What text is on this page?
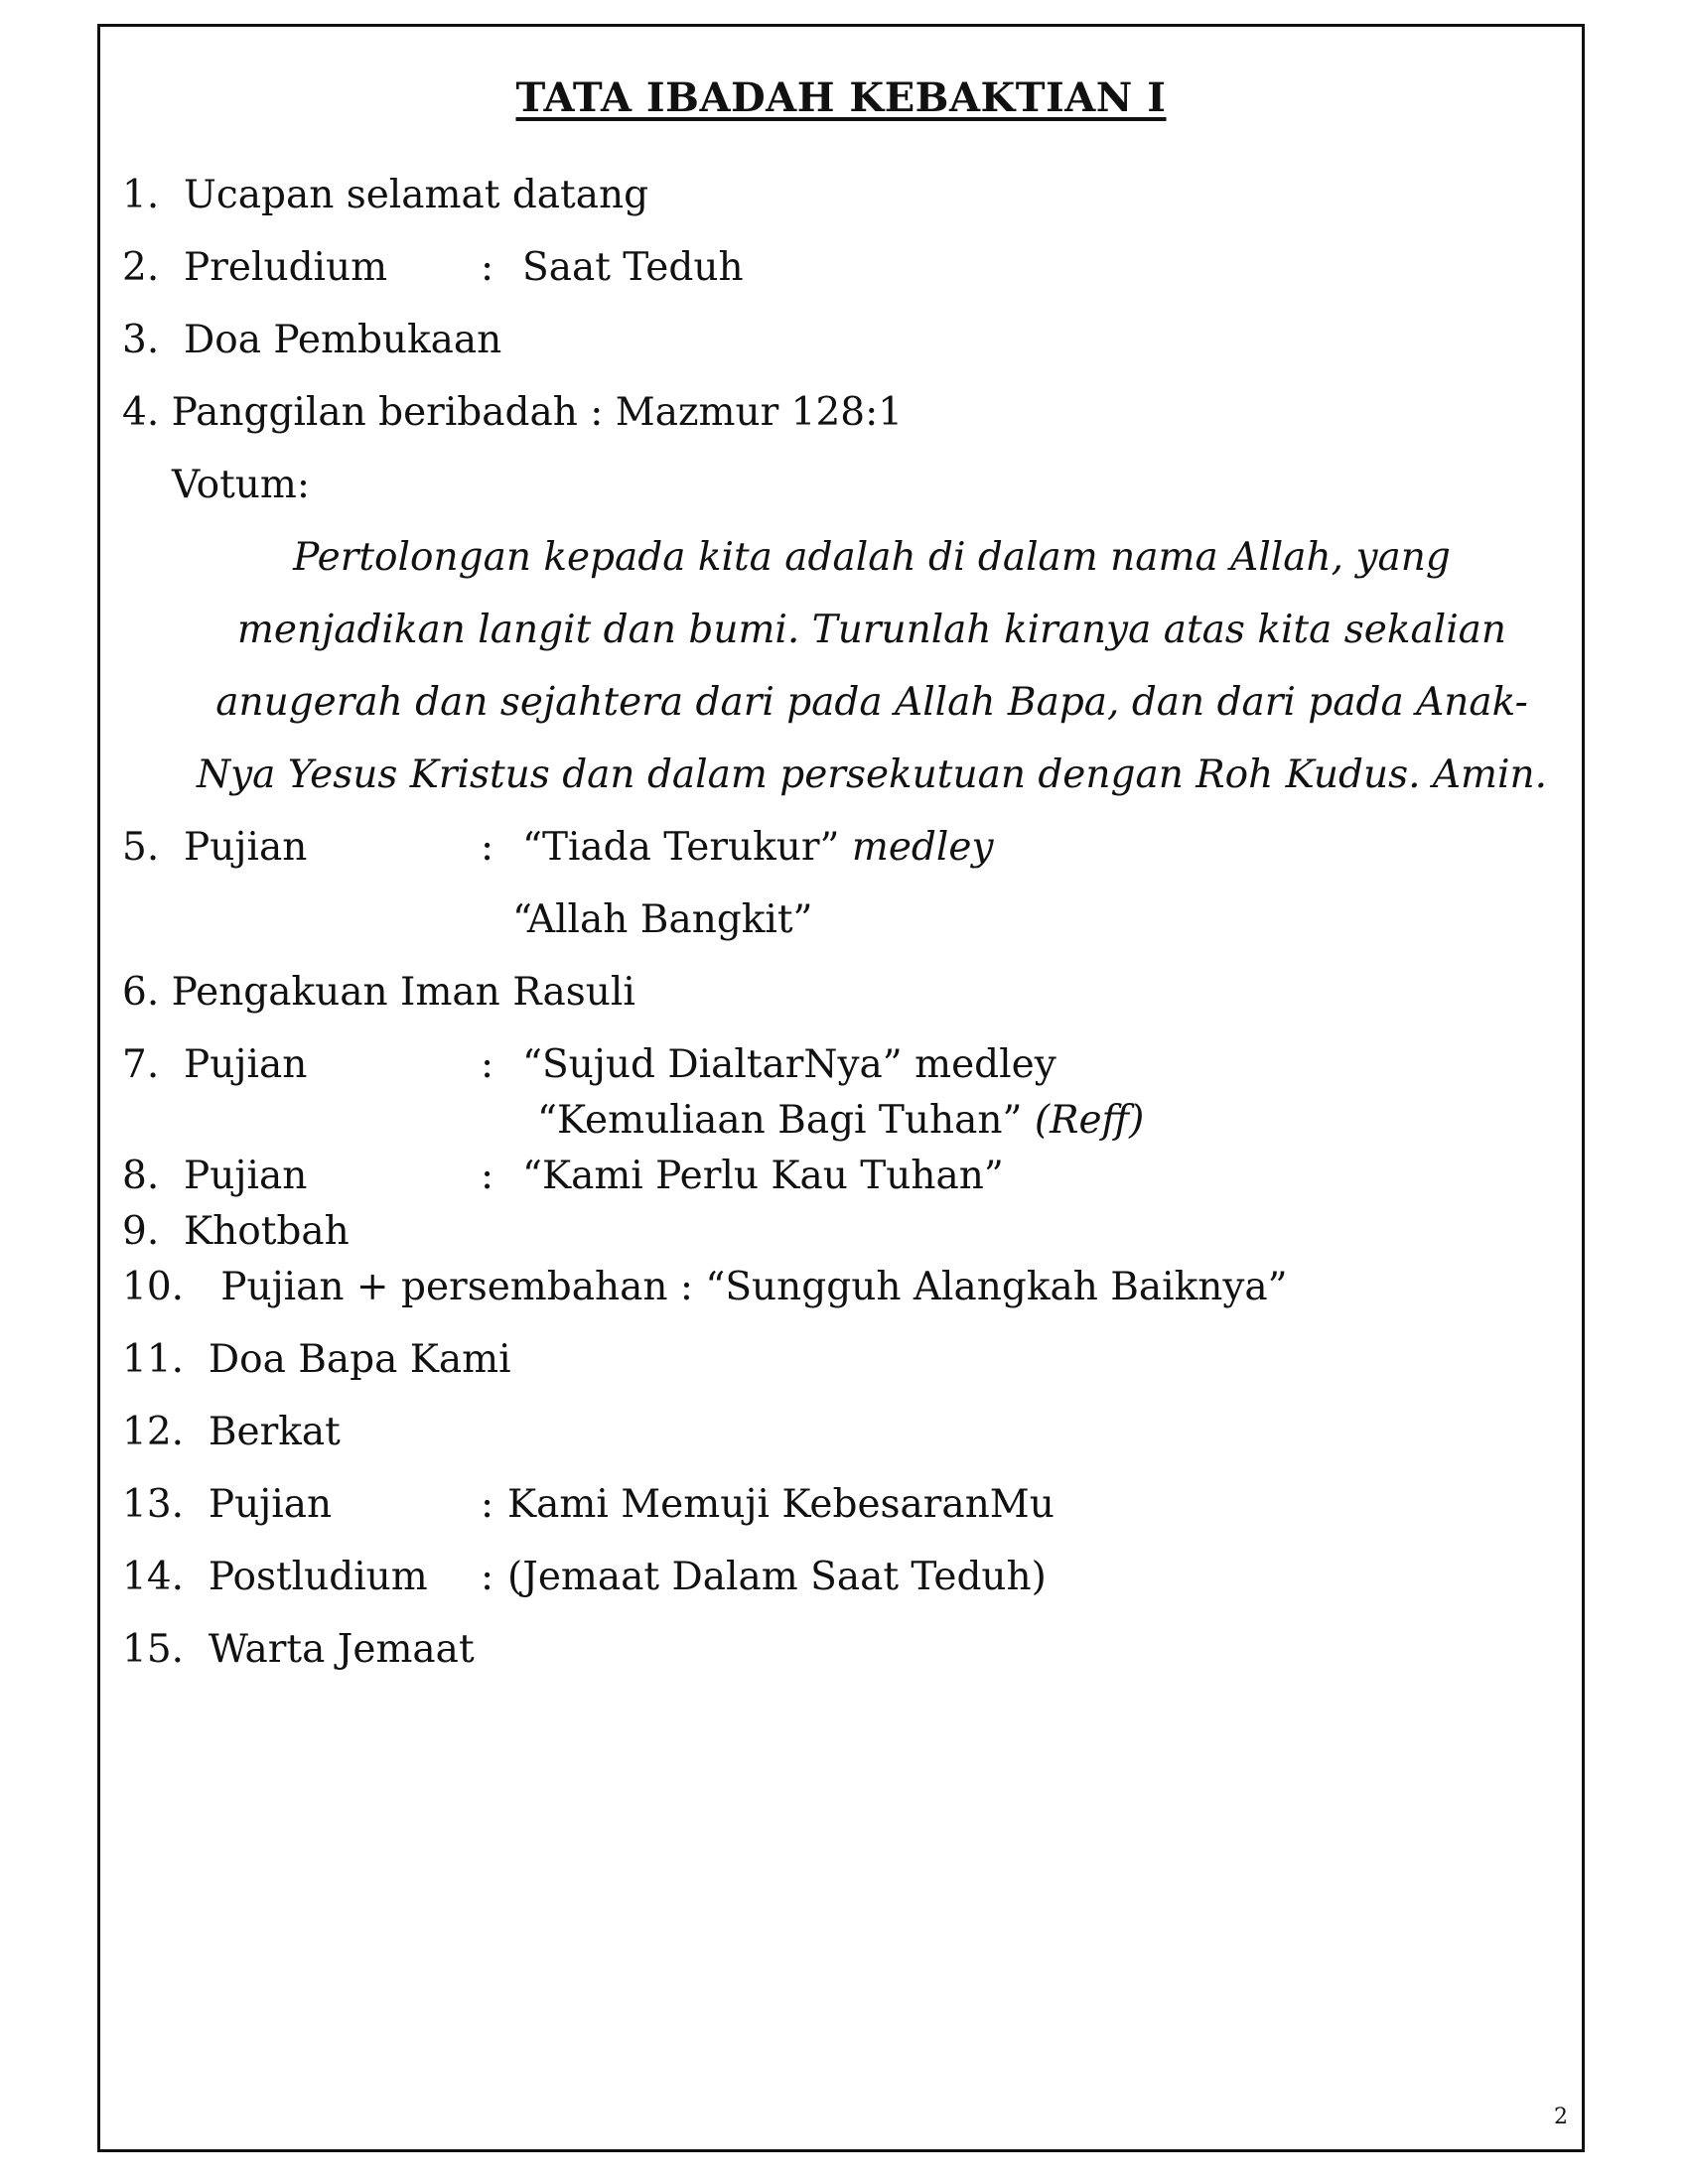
TATA IBADAH KEBAKTIAN I
1. Ucapan selamat datang
2. Preludium : Saat Teduh
3. Doa Pembukaan
4. Panggilan beribadah : Mazmur 128:1
Votum:
Pertolongan kepada kita adalah di dalam nama Allah, yang
menjadikan langit dan bumi. Turunlah kiranya atas kita sekalian
anugerah dan sejahtera dari pada Allah Bapa, dan dari pada Anak-
Nya Yesus Kristus dan dalam persekutuan dengan Roh Kudus. Amin.
5. Pujian	: “Tiada Terukur” medley
“Allah Bangkit”
6. Pengakuan Iman Rasuli
7. Pujian	: “Sujud DialtarNya” medley
“Kemuliaan Bagi Tuhan” (Reff)
8. Pujian	: “Kami Perlu Kau Tuhan”
9. Khotbah
10. Pujian + persembahan : “Sungguh Alangkah Baiknya”
11. Doa Bapa Kami
12. Berkat
13. Pujian	: Kami Memuji KebesaranMu
14. Postludium : (Jemaat Dalam Saat Teduh)
15. Warta Jemaat
2
